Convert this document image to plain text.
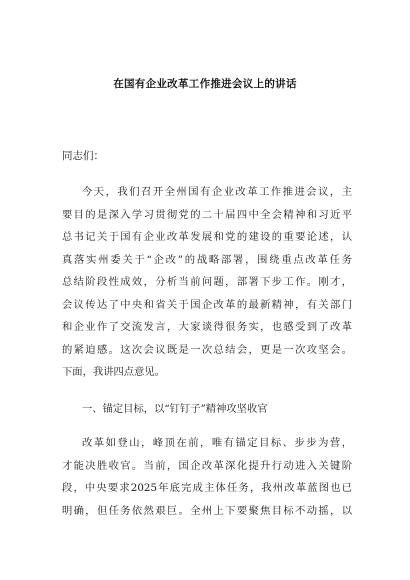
在国有企业改革工作推进会议上的讲话
同志们：
今天，我们召开全州国有企业改革工作推进会议，主
要目的是深入学习贯彻党的二十届四中全会精神和习近平
总书记关于国有企业改革发展和党的建设的重要论述，认
真落实州委关于“企改”的战略部署，围绕重点改革任务
总结阶段性成效，分析当前问题，部署下步工作。刚才，
会议传达了中央和省关于国企改革的最新精神，有关部门
和企业作了交流发言，大家谈得很务实，也感受到了改革
的紧迫感。这次会议既是一次总结会，更是一次攻坚会。
下面，我讲四点意见。
一、锚定目标，以“钉钉子”精神攻坚收官
改革如登山，峰顶在前，唯有锚定目标、步步为营，
才能决胜收官。当前，国企改革深化提升行动进入关键阶
段，中央要求2025年底完成主体任务，我州改革蓝图也已
明确，但任务依然艰巨。全州上下要聚焦目标不动摇，以
